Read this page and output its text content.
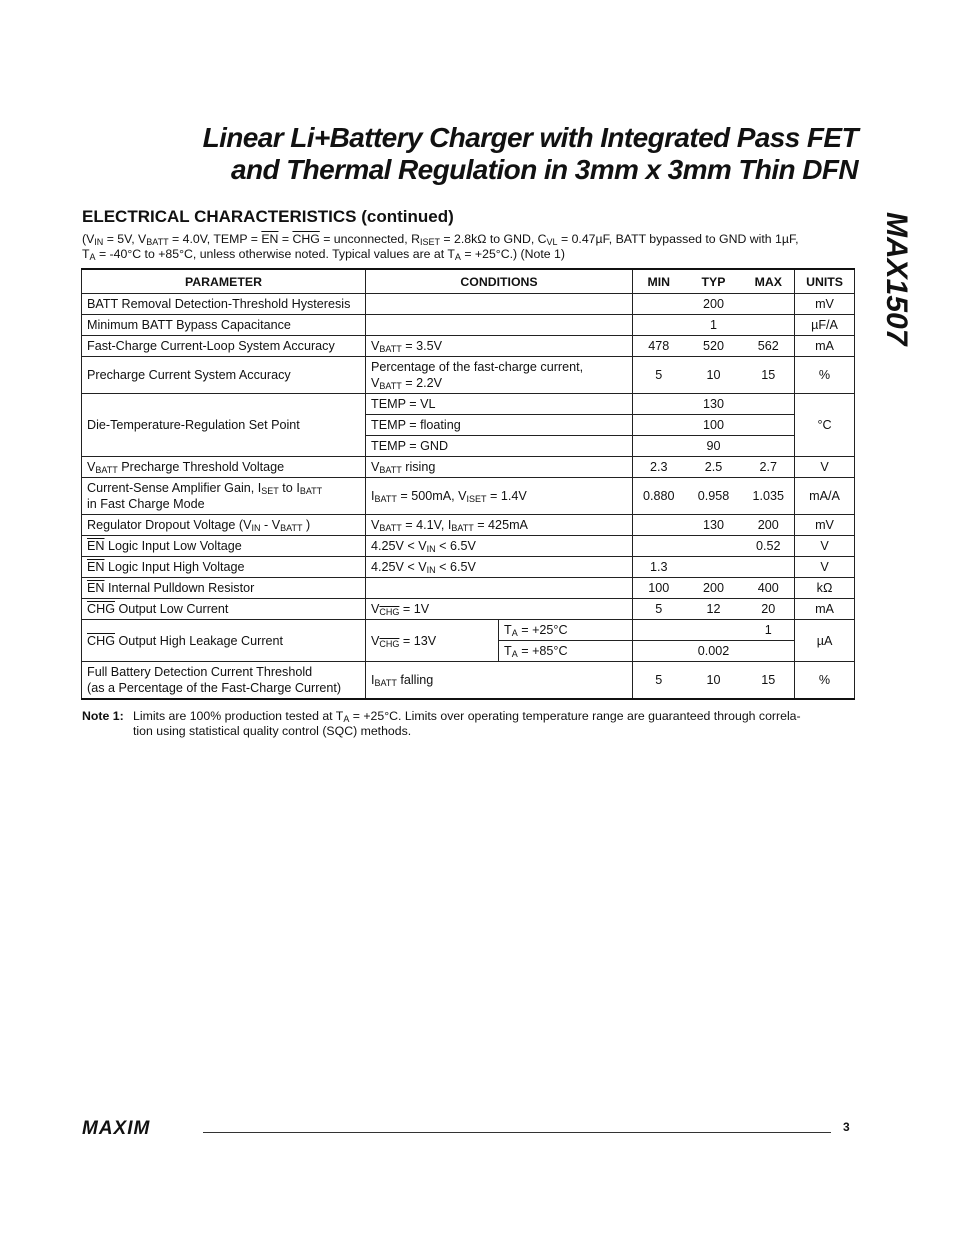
Linear Li+Battery Charger with Integrated Pass FET
and Thermal Regulation in 3mm x 3mm Thin DFN
MAX1507
ELECTRICAL CHARACTERISTICS (continued)
($V_{IN} = 5V$, $V_{BATT} = 4.0V$, TEMP = $\overline{EN} = \overline{CHG}$ = unconnected, $R_{ISET} = 2.8k\Omega$ to GND, $C_{VL} = 0.47\mu F$, BATT bypassed to GND with 1µF,
$T_A = -40^\circ C$ to +85°C, unless otherwise noted. Typical values are at $T_A = +25^\circ C$.) (Note 1)
PARAMETER	CONDITIONS		MIN	TYP	MAX	UNITS
BATT Removal Detection-Threshold Hysteresis				200		mV
Minimum BATT Bypass Capacitance				1		µF/A
Fast-Charge Current-Loop System Accuracy	$V_{BATT} = 3.5V$		478	520	562	mA
Precharge Current System Accuracy	Percentage of the fast-charge current,
$V_{BATT} = 2.2V$		5	10	15	%
Die-Temperature-Regulation Set Point	TEMP = VL			130		°C
	TEMP = floating			100		
	TEMP = GND			90		
$V_{BATT}$ Precharge Threshold Voltage	$V_{BATT}$ rising		2.3	2.5	2.7	V
Current-Sense Amplifier Gain, $I_{SET}$ to $I_{BATT}$
in Fast Charge Mode	$I_{BATT} = 500mA$, $V_{ISET} = 1.4V$		0.880	0.958	1.035	mA/A
Regulator Dropout Voltage ($V_{IN} - V_{BATT}$ )	$V_{BATT} = 4.1V$, $I_{BATT} = 425mA$			130	200	mV
$\overline{EN}$ Logic Input Low Voltage	$4.25V < V_{IN} < 6.5V$				0.52	V
$\overline{EN}$ Logic Input High Voltage	$4.25V < V_{IN} < 6.5V$		1.3			V
$\overline{EN}$ Internal Pulldown Resistor			100	200	400	kΩ
$\overline{CHG}$ Output Low Current	$V_{\overline{CHG}} = 1V$		5	12	20	mA
$\overline{CHG}$ Output High Leakage Current	$V_{\overline{CHG}} = 13V$	$T_A = +25^\circ C$			1	µA
		$T_A = +85^\circ C$		0.002		
Full Battery Detection Current Threshold
(as a Percentage of the Fast-Charge Current)	$I_{BATT}$ falling		5	10	15	%
Note 1: Limits are 100% production tested at $T_A = +25^\circ C$. Limits over operating temperature range are guaranteed through correla-
tion using statistical quality control (SQC) methods.
MAXIM	3
